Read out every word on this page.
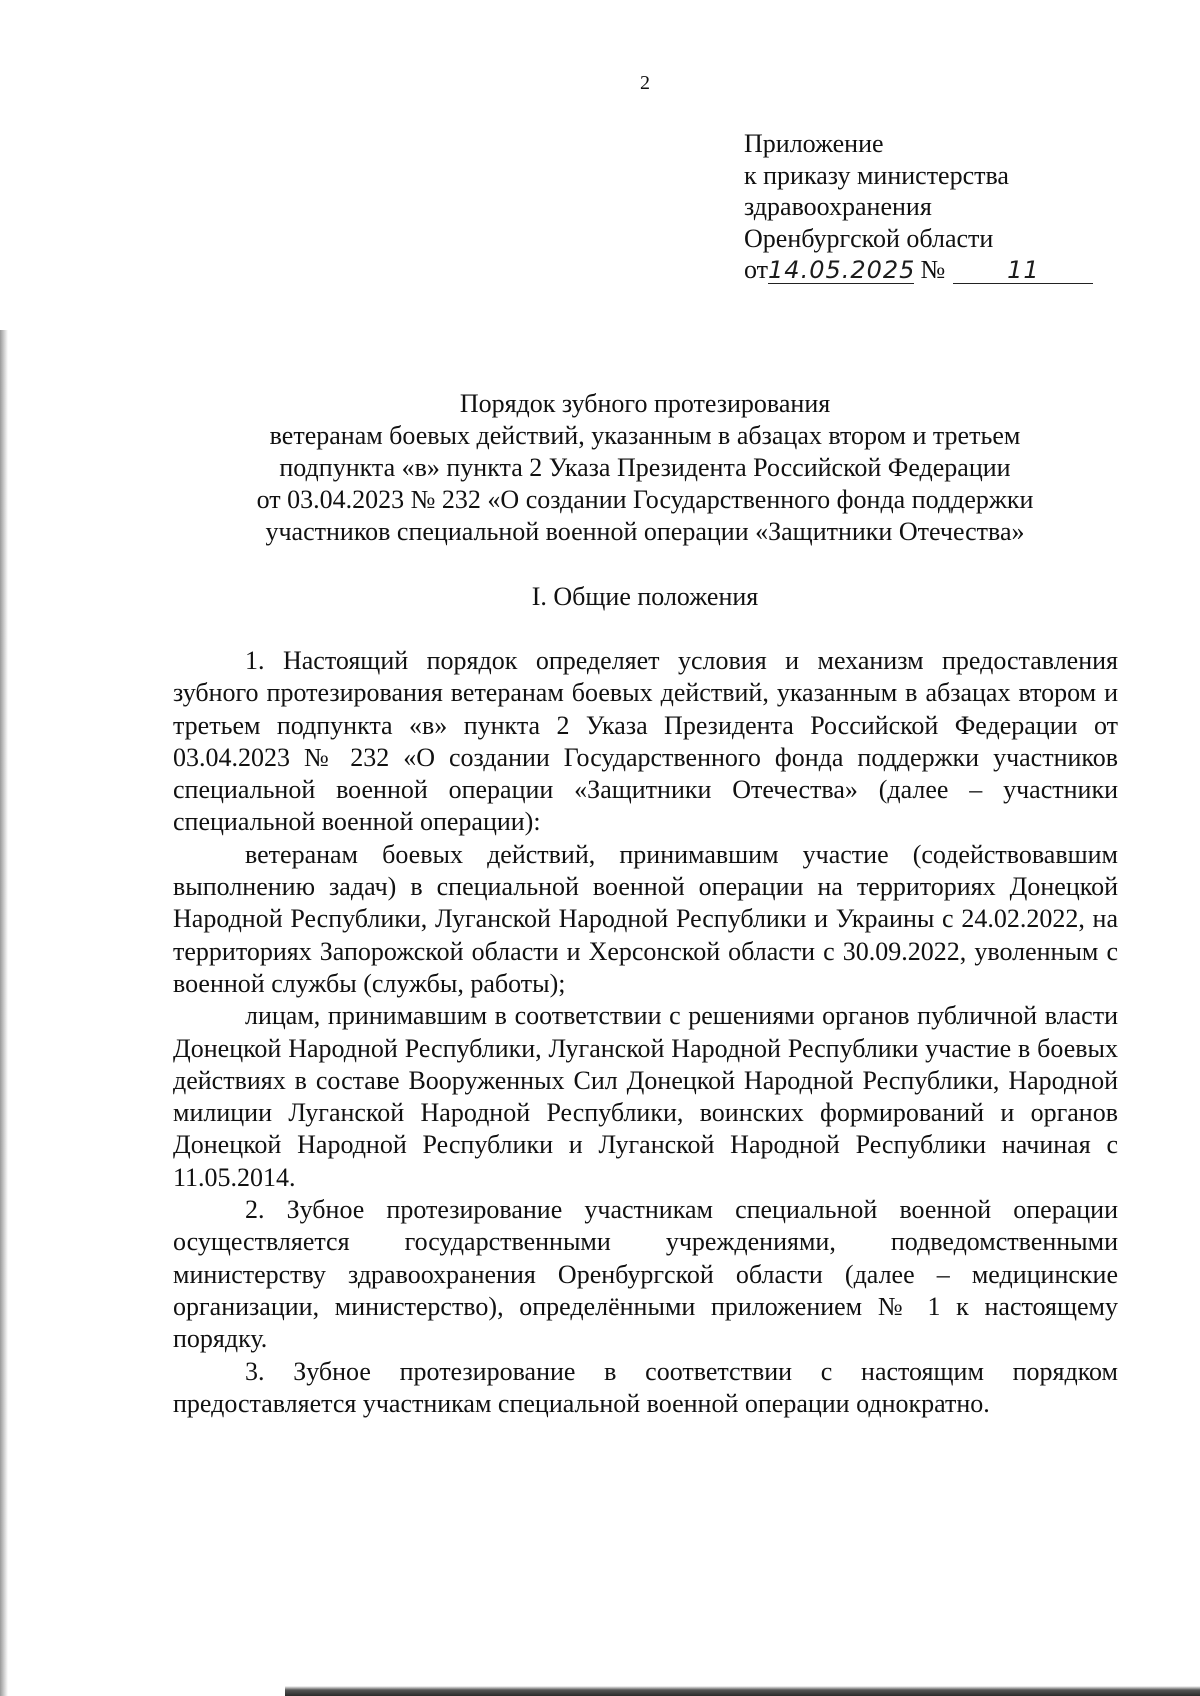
2
Приложение
к приказу министерства
здравоохранения
Оренбургской области
от14.05.2025 №	11
Порядок зубного протезирования
ветеранам боевых действий, указанным в абзацах втором и третьем
подпункта «в» пункта 2 Указа Президента Российской Федерации
от 03.04.2023 № 232 «О создании Государственного фонда поддержки
участников специальной военной операции «Защитники Отечества»
I. Общие положения

1. Настоящий порядок определяет условия и механизм предоставления зубного протезирования ветеранам боевых действий, указанным в абзацах втором и третьем подпункта «в» пункта 2 Указа Президента Российской Федерации от 03.04.2023 № 232 «О создании Государственного фонда поддержки участников специальной военной операции «Защитники Отечества» (далее – участники специальной военной операции):

ветеранам боевых действий, принимавшим участие (содействовавшим выполнению задач) в специальной военной операции на территориях Донецкой Народной Республики, Луганской Народной Республики и Украины с 24.02.2022, на территориях Запорожской области и Херсонской области с 30.09.2022, уволенным с военной службы (службы, работы);

лицам, принимавшим в соответствии с решениями органов публичной власти Донецкой Народной Республики, Луганской Народной Республики участие в боевых действиях в составе Вооруженных Сил Донецкой Народной Республики, Народной милиции Луганской Народной Республики, воинских формирований и органов Донецкой Народной Республики и Луганской Народной Республики начиная с 11.05.2014.

2. Зубное протезирование участникам специальной военной операции осуществляется государственными учреждениями, подведомственными министерству здравоохранения Оренбургской области (далее – медицинские организации, министерство), определёнными приложением № 1 к настоящему порядку.

3. Зубное протезирование в соответствии с настоящим порядком предоставляется участникам специальной военной операции однократно.
